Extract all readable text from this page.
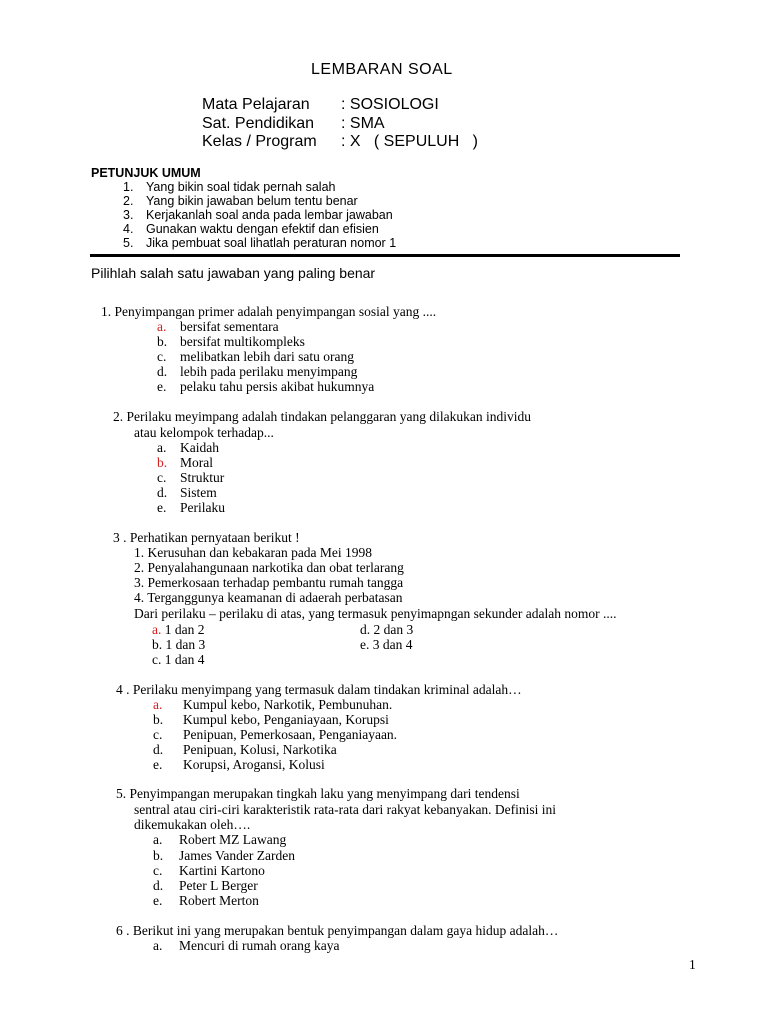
LEMBARAN SOAL
Mata Pelajaran : SOSIOLOGI
Sat. Pendidikan : SMA
Kelas / Program : X   ( SEPULUH   )
PETUNJUK UMUM
1. Yang bikin soal tidak pernah salah
2. Yang bikin jawaban belum tentu benar
3. Kerjakanlah soal anda pada lembar jawaban
4. Gunakan waktu dengan efektif dan efisien
5. Jika pembuat soal lihatlah peraturan nomor 1
Pilihlah salah satu jawaban yang paling benar
1. Penyimpangan primer adalah penyimpangan sosial yang ....
a. bersifat sementara
b. bersifat multikompleks
c. melibatkan lebih dari satu orang
d. lebih pada perilaku menyimpang
e. pelaku tahu persis akibat hukumnya
2. Perilaku meyimpang adalah tindakan pelanggaran yang dilakukan individu
atau kelompok terhadap...
a. Kaidah
b. Moral
c. Struktur
d. Sistem
e. Perilaku
3 . Perhatikan pernyataan berikut !
1. Kerusuhan dan kebakaran pada Mei 1998
2. Penyalahangunaan narkotika dan obat terlarang
3. Pemerkosaan terhadap pembantu rumah tangga
4. Terganggunya keamanan di adaerah perbatasan
Dari perilaku – perilaku di atas, yang termasuk penyimapngan sekunder adalah nomor ....
a. 1 dan 2
b. 1 dan 3
c. 1 dan 4
d. 2 dan 3
e. 3 dan 4
4 . Perilaku menyimpang yang termasuk dalam tindakan kriminal adalah…
a. Kumpul kebo, Narkotik, Pembunuhan.
b. Kumpul kebo, Penganiayaan, Korupsi
c. Penipuan, Pemerkosaan, Penganiayaan.
d. Penipuan, Kolusi, Narkotika
e. Korupsi, Arogansi, Kolusi
5. Penyimpangan merupakan tingkah laku yang menyimpang dari tendensi
sentral atau ciri-ciri karakteristik rata-rata dari rakyat kebanyakan. Definisi ini
dikemukakan oleh….
a. Robert MZ Lawang
b. James Vander Zarden
c. Kartini Kartono
d. Peter L Berger
e. Robert Merton
6 . Berikut ini yang merupakan bentuk penyimpangan dalam gaya hidup adalah…
a. Mencuri di rumah orang kaya
1
